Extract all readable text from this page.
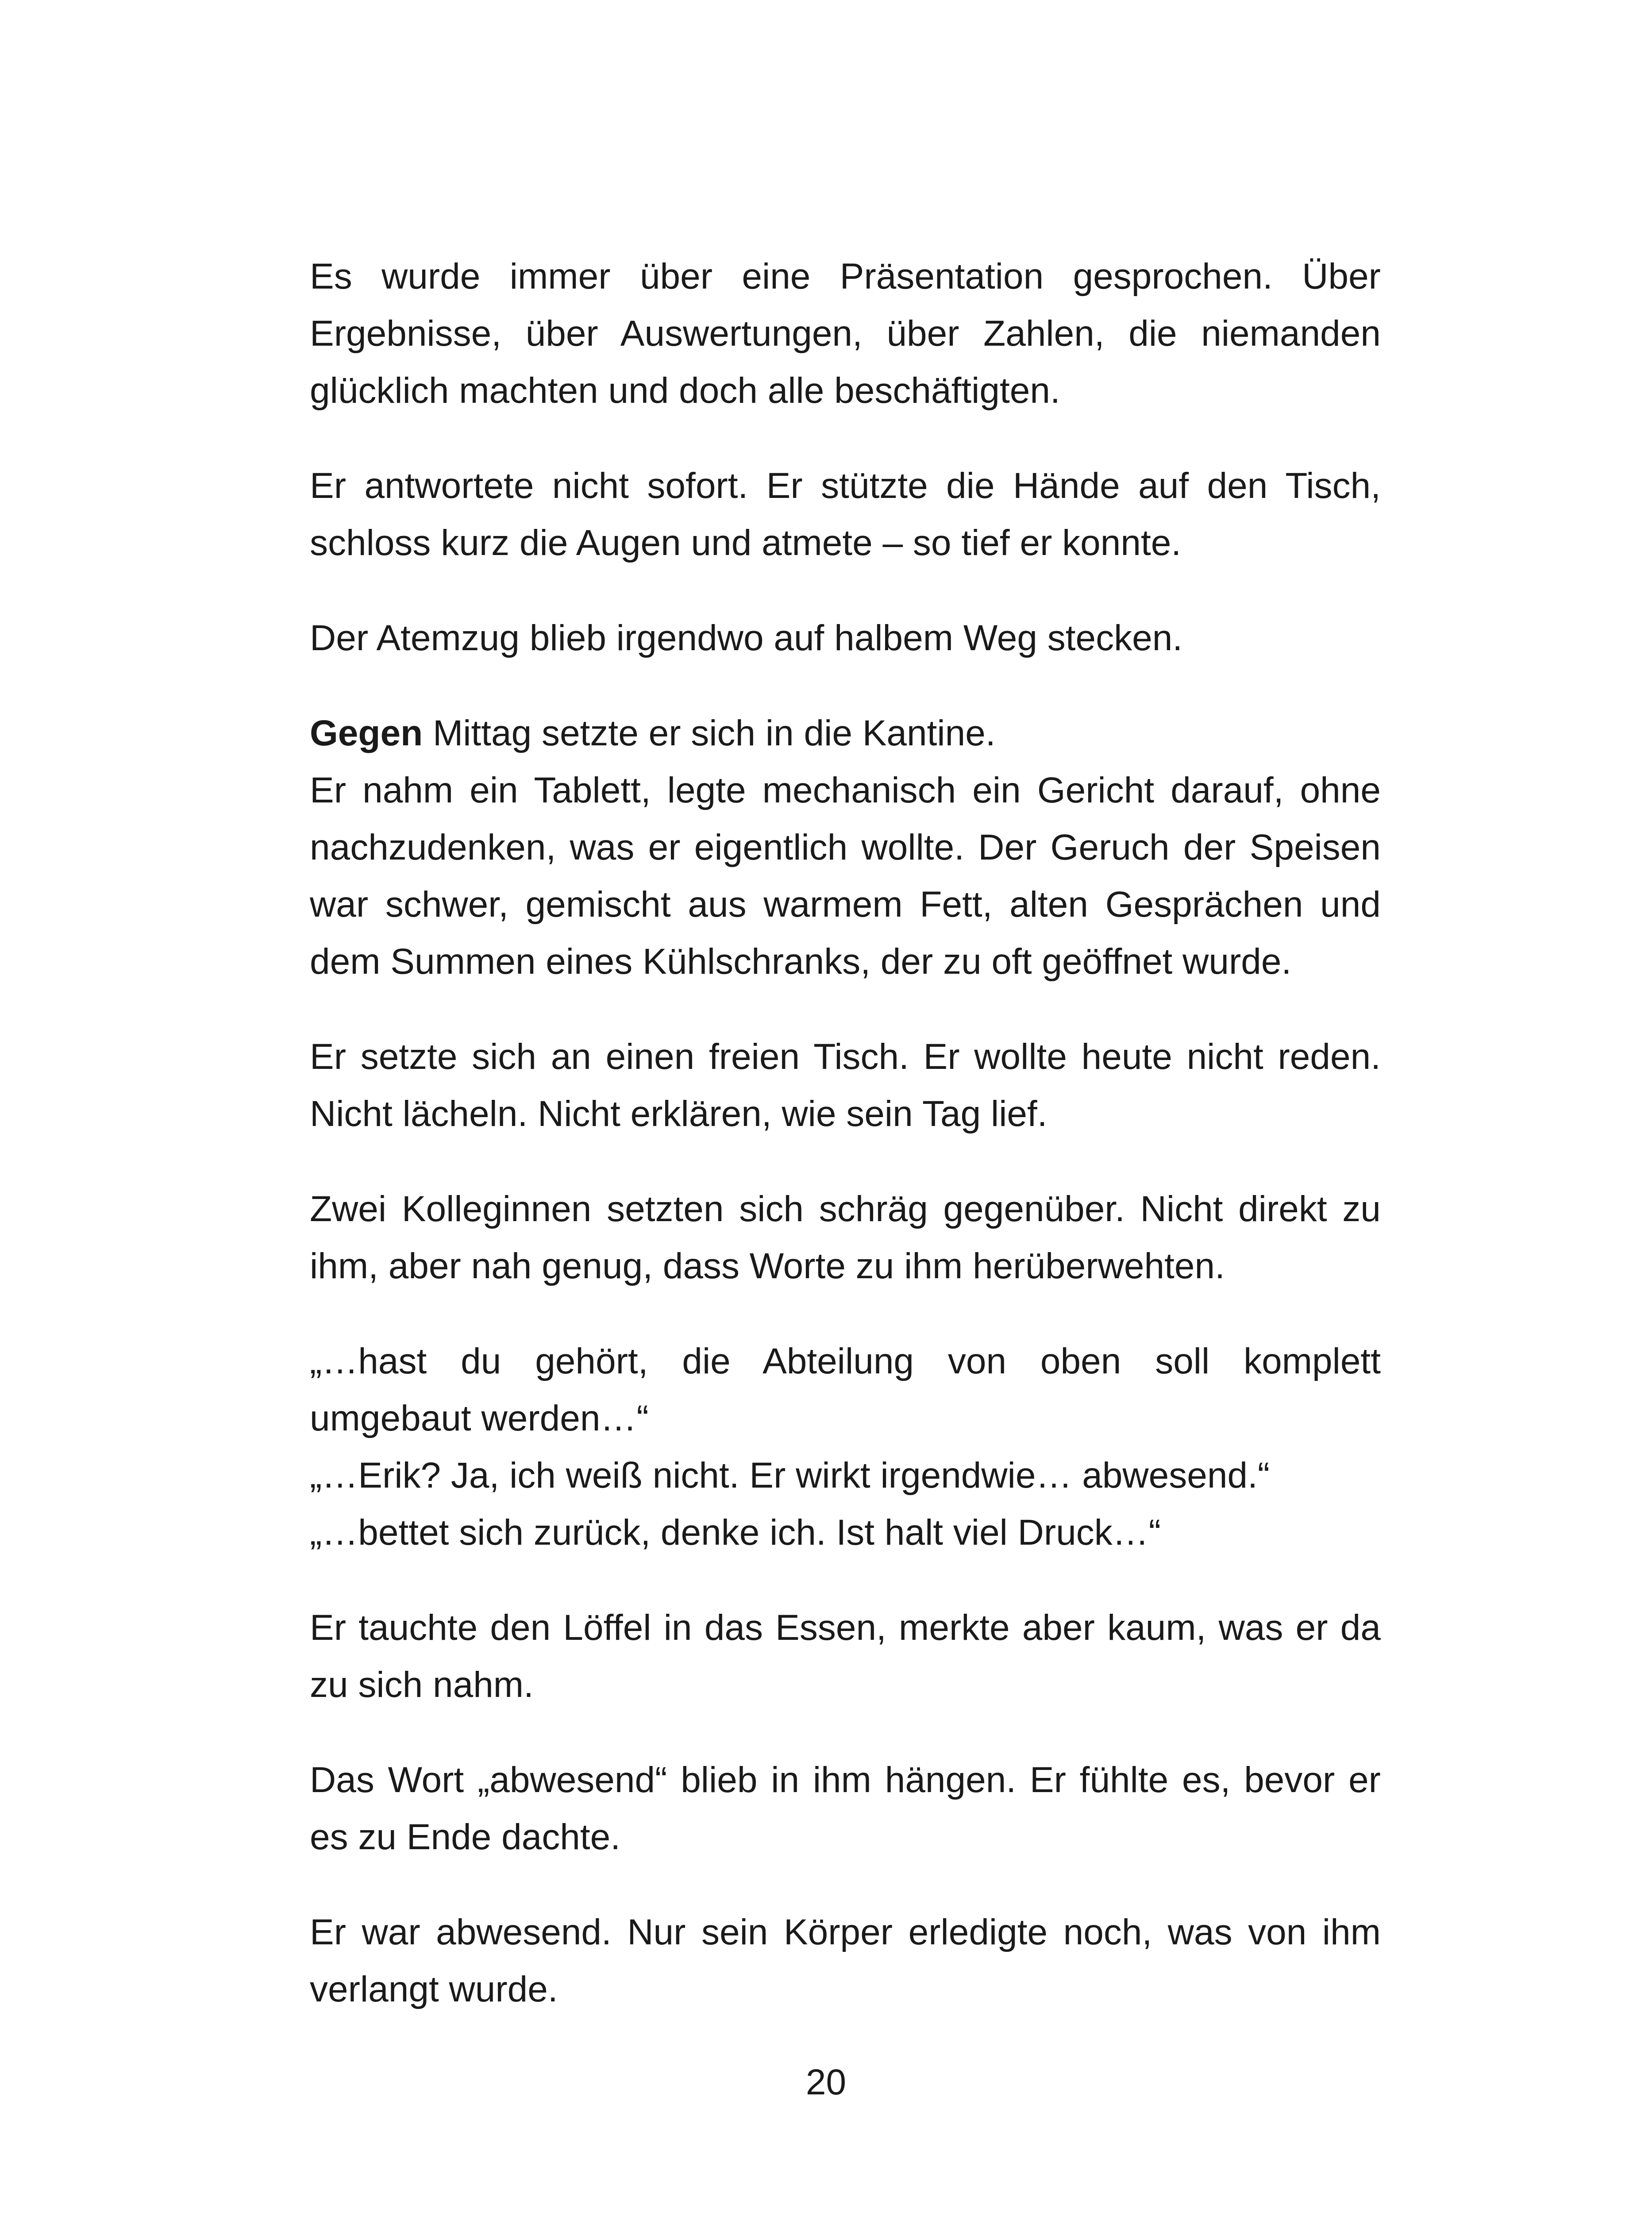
Es wurde immer über eine Präsentation gesprochen. Über
Ergebnisse, über Auswertungen, über Zahlen, die niemanden
glücklich machten und doch alle beschäftigten.

Er antwortete nicht sofort. Er stützte die Hände auf den Tisch,
schloss kurz die Augen und atmete – so tief er konnte.

Der Atemzug blieb irgendwo auf halbem Weg stecken.

Gegen Mittag setzte er sich in die Kantine.
Er nahm ein Tablett, legte mechanisch ein Gericht darauf, ohne
nachzudenken, was er eigentlich wollte. Der Geruch der Speisen
war schwer, gemischt aus warmem Fett, alten Gesprächen und
dem Summen eines Kühlschranks, der zu oft geöffnet wurde.

Er setzte sich an einen freien Tisch. Er wollte heute nicht reden.
Nicht lächeln. Nicht erklären, wie sein Tag lief.

Zwei Kolleginnen setzten sich schräg gegenüber. Nicht direkt zu
ihm, aber nah genug, dass Worte zu ihm herüberwehten.

„…hast du gehört, die Abteilung von oben soll komplett
umgebaut werden…“
„…Erik? Ja, ich weiß nicht. Er wirkt irgendwie… abwesend.“
„…bettet sich zurück, denke ich. Ist halt viel Druck…“

Er tauchte den Löffel in das Essen, merkte aber kaum, was er da
zu sich nahm.

Das Wort „abwesend“ blieb in ihm hängen. Er fühlte es, bevor er
es zu Ende dachte.

Er war abwesend. Nur sein Körper erledigte noch, was von ihm
verlangt wurde.

20
